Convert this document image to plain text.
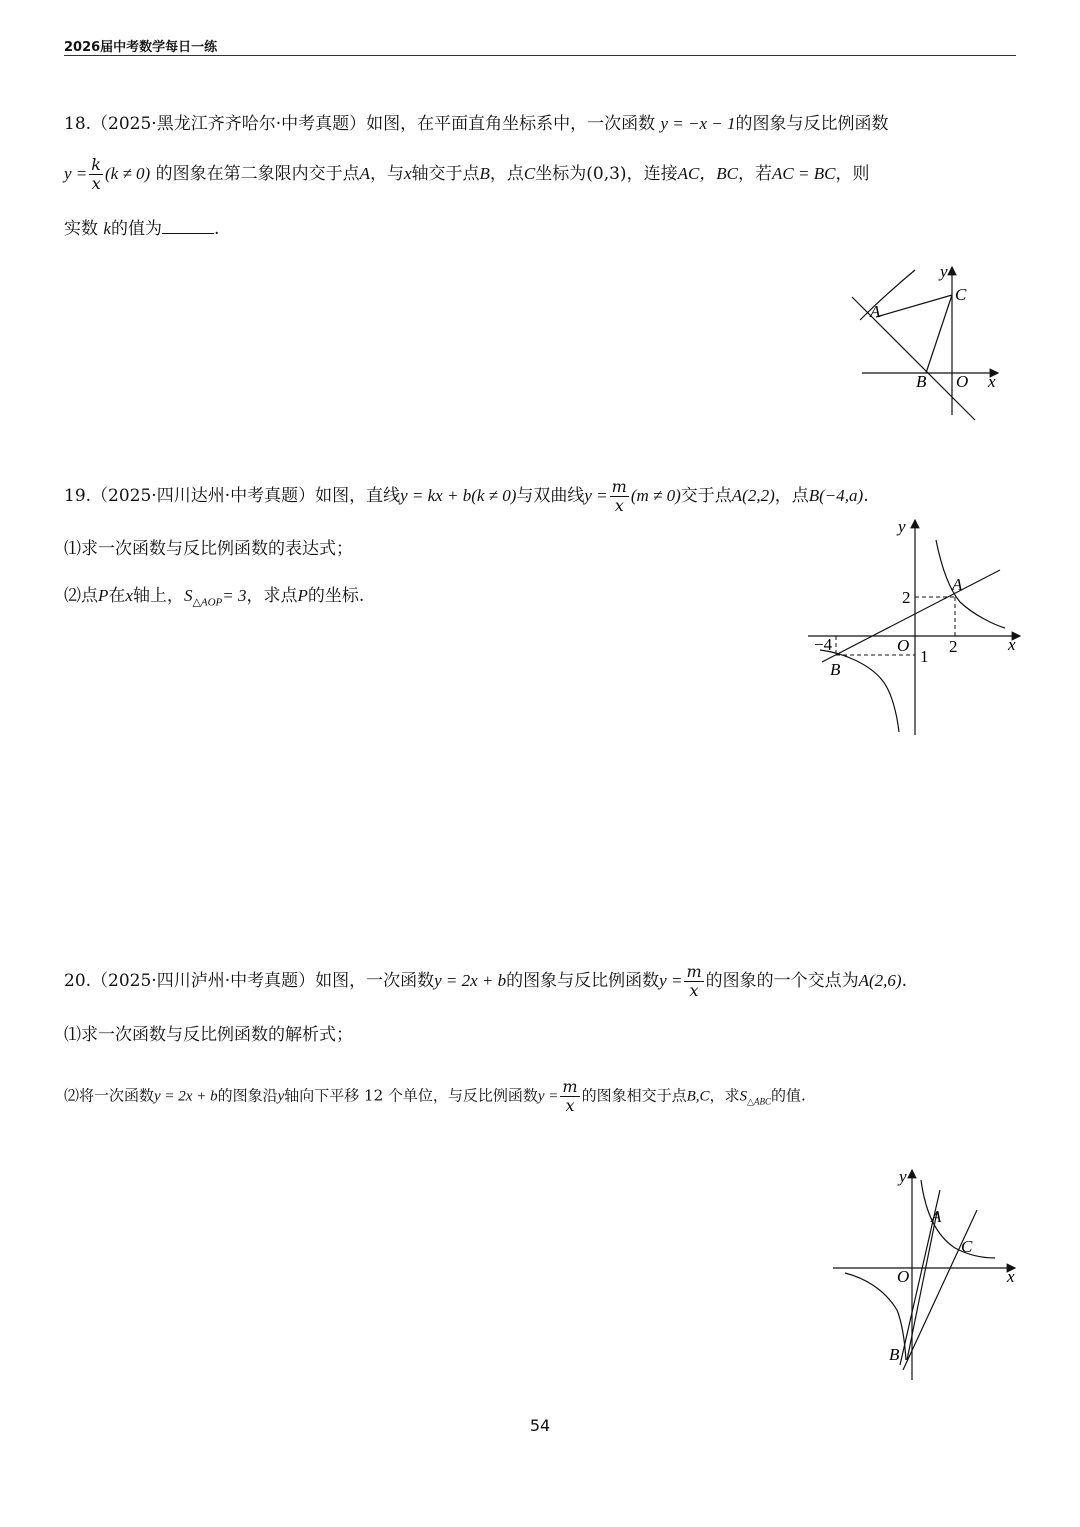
2026届中考数学每日一练
18.（2025·黑龙江齐齐哈尔·中考真题）如图，在平面直角坐标系中，一次函数 y = −x − 1的图象与反比例函数
$y = \frac{k}{x} (k \ne 0)$ 的图象在第二象限内交于点A，与x轴交于点B，点C坐标为(0,3)，连接AC，BC，若AC = BC，则
实数 k的值为	.
A
B
C
O x
y
19.（2025·四川达州·中考真题）如图，直线y = kx + b(k ≠ 0)与双曲线$y = \frac{m}{x} (m \ne 0)$交于点A(2,2)，点B(−4,a).
⑴求一次函数与反比例函数的表达式；
⑵点P在x轴上，$S_{\triangle AOP}= 3$，求点P的坐标.
y
x
A
B
O
2
2
−4
1
20.（2025·四川泸州·中考真题）如图，一次函数y = 2x + b的图象与反比例函数$y = \frac{m}{x}$ 的图象的一个交点为A(2,6).
⑴求一次函数与反比例函数的解析式；
⑵将一次函数y = 2x + b的图象沿y轴向下平移 12 个单位，与反比例函数$y = \frac{m}{x}$ 的图象相交于点B,C，求$S_{\triangle ABC}$的值.
y
x
A
B
C
O
54
